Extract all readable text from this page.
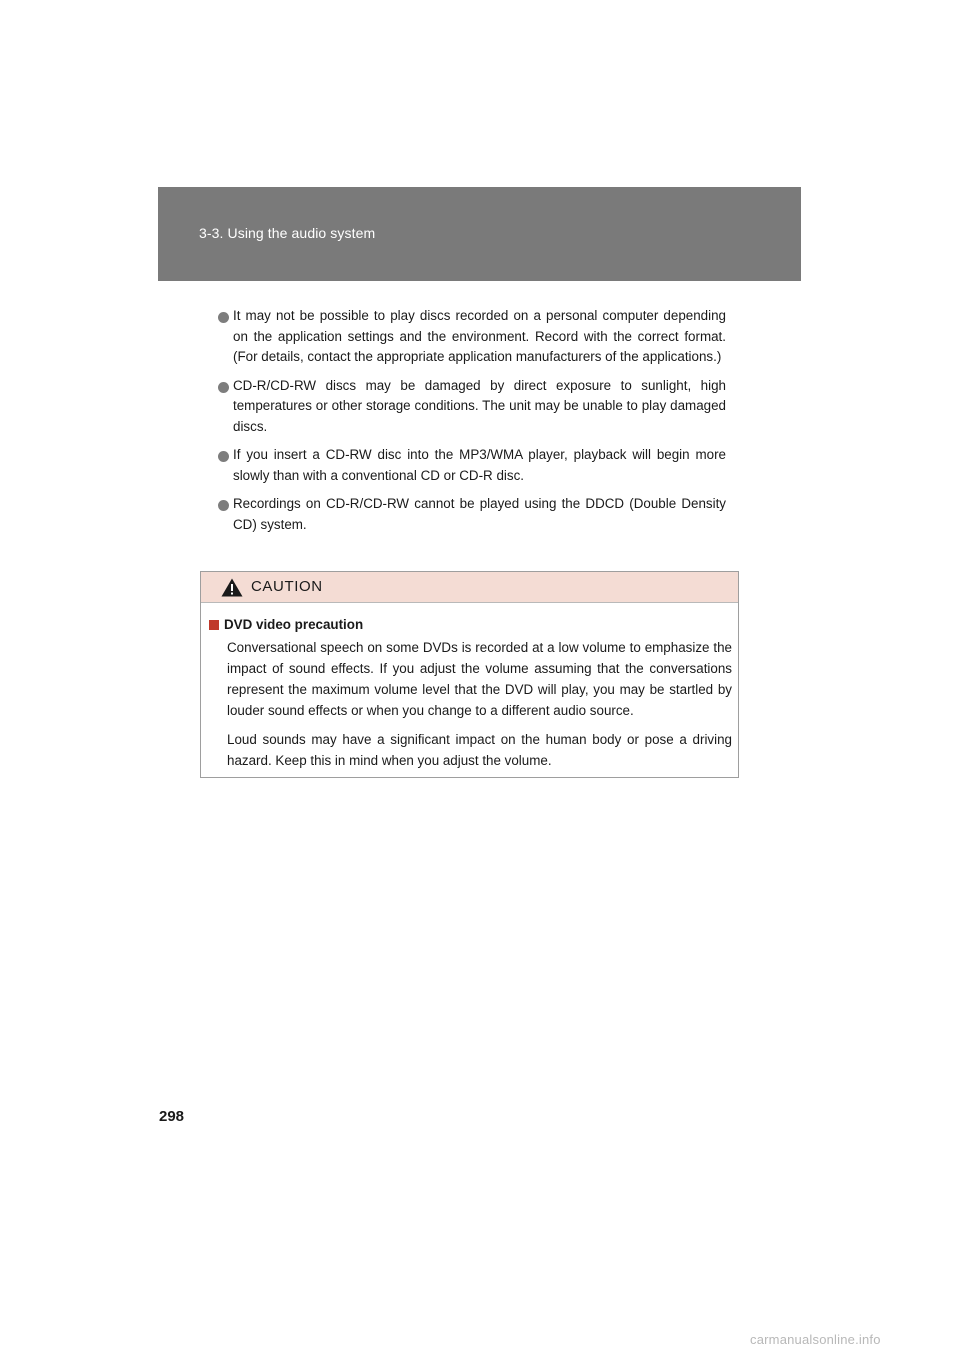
3-3. Using the audio system
It may not be possible to play discs recorded on a personal computer depending on the application settings and the environment. Record with the correct format. (For details, contact the appropriate application manufacturers of the applications.)
CD-R/CD-RW discs may be damaged by direct exposure to sunlight, high temperatures or other storage conditions. The unit may be unable to play damaged discs.
If you insert a CD-RW disc into the MP3/WMA player, playback will begin more slowly than with a conventional CD or CD-R disc.
Recordings on CD-R/CD-RW cannot be played using the DDCD (Double Density CD) system.
CAUTION
DVD video precaution

Conversational speech on some DVDs is recorded at a low volume to emphasize the impact of sound effects. If you adjust the volume assuming that the conversations represent the maximum volume level that the DVD will play, you may be startled by louder sound effects or when you change to a different audio source.

Loud sounds may have a significant impact on the human body or pose a driving hazard. Keep this in mind when you adjust the volume.

298
carmanualsonline.info
